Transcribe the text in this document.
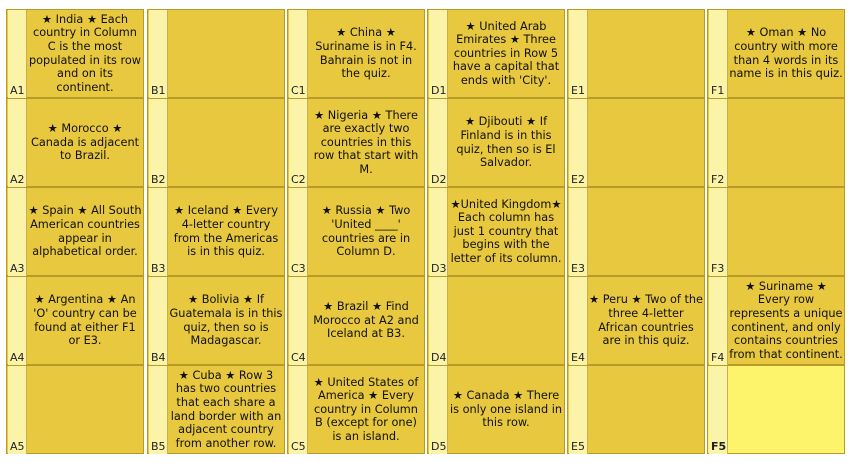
A1
★ India ★ Each country in Column C is the most populated in its row and on its continent.
A2
★ Morocco ★ Canada is adjacent to Brazil.
A3
★ Spain ★ All South American countries appear in alphabetical order.
A4
★ Argentina ★ An 'O' country can be found at either F1 or E3.
A5
B1
B2
B3
★ Iceland ★ Every 4-letter country from the Americas is in this quiz.
B4
★ Bolivia ★ If Guatemala is in this quiz, then so is Madagascar.
B5
★ Cuba ★ Row 3 has two countries that each share a land border with an adjacent country from another row.
C1
★ China ★ Suriname is in F4. Bahrain is not in the quiz.
C2
★ Nigeria ★ There are exactly two countries in this row that start with M.
C3
★ Russia ★ Two 'United ____' countries are in Column D.
C4
★ Brazil ★ Find Morocco at A2 and Iceland at B3.
C5
★ United States of America ★ Every country in Column B (except for one) is an island.
D1
★ United Arab Emirates ★ Three countries in Row 5 have a capital that ends with 'City'.
D2
★ Djibouti ★ If Finland is in this quiz, then so is El Salvador.
D3
★United Kingdom★ Each column has just 1 country that begins with the letter of its column.
D4
D5
★ Canada ★ There is only one island in this row.
E1
E2
E3
E4
★ Peru ★ Two of the three 4-letter African countries are in this quiz.
E5
F1
★ Oman ★ No country with more than 4 words in its name is in this quiz.
F2
F3
F4
★ Suriname ★ Every row represents a unique continent, and only contains countries from that continent.
F5
